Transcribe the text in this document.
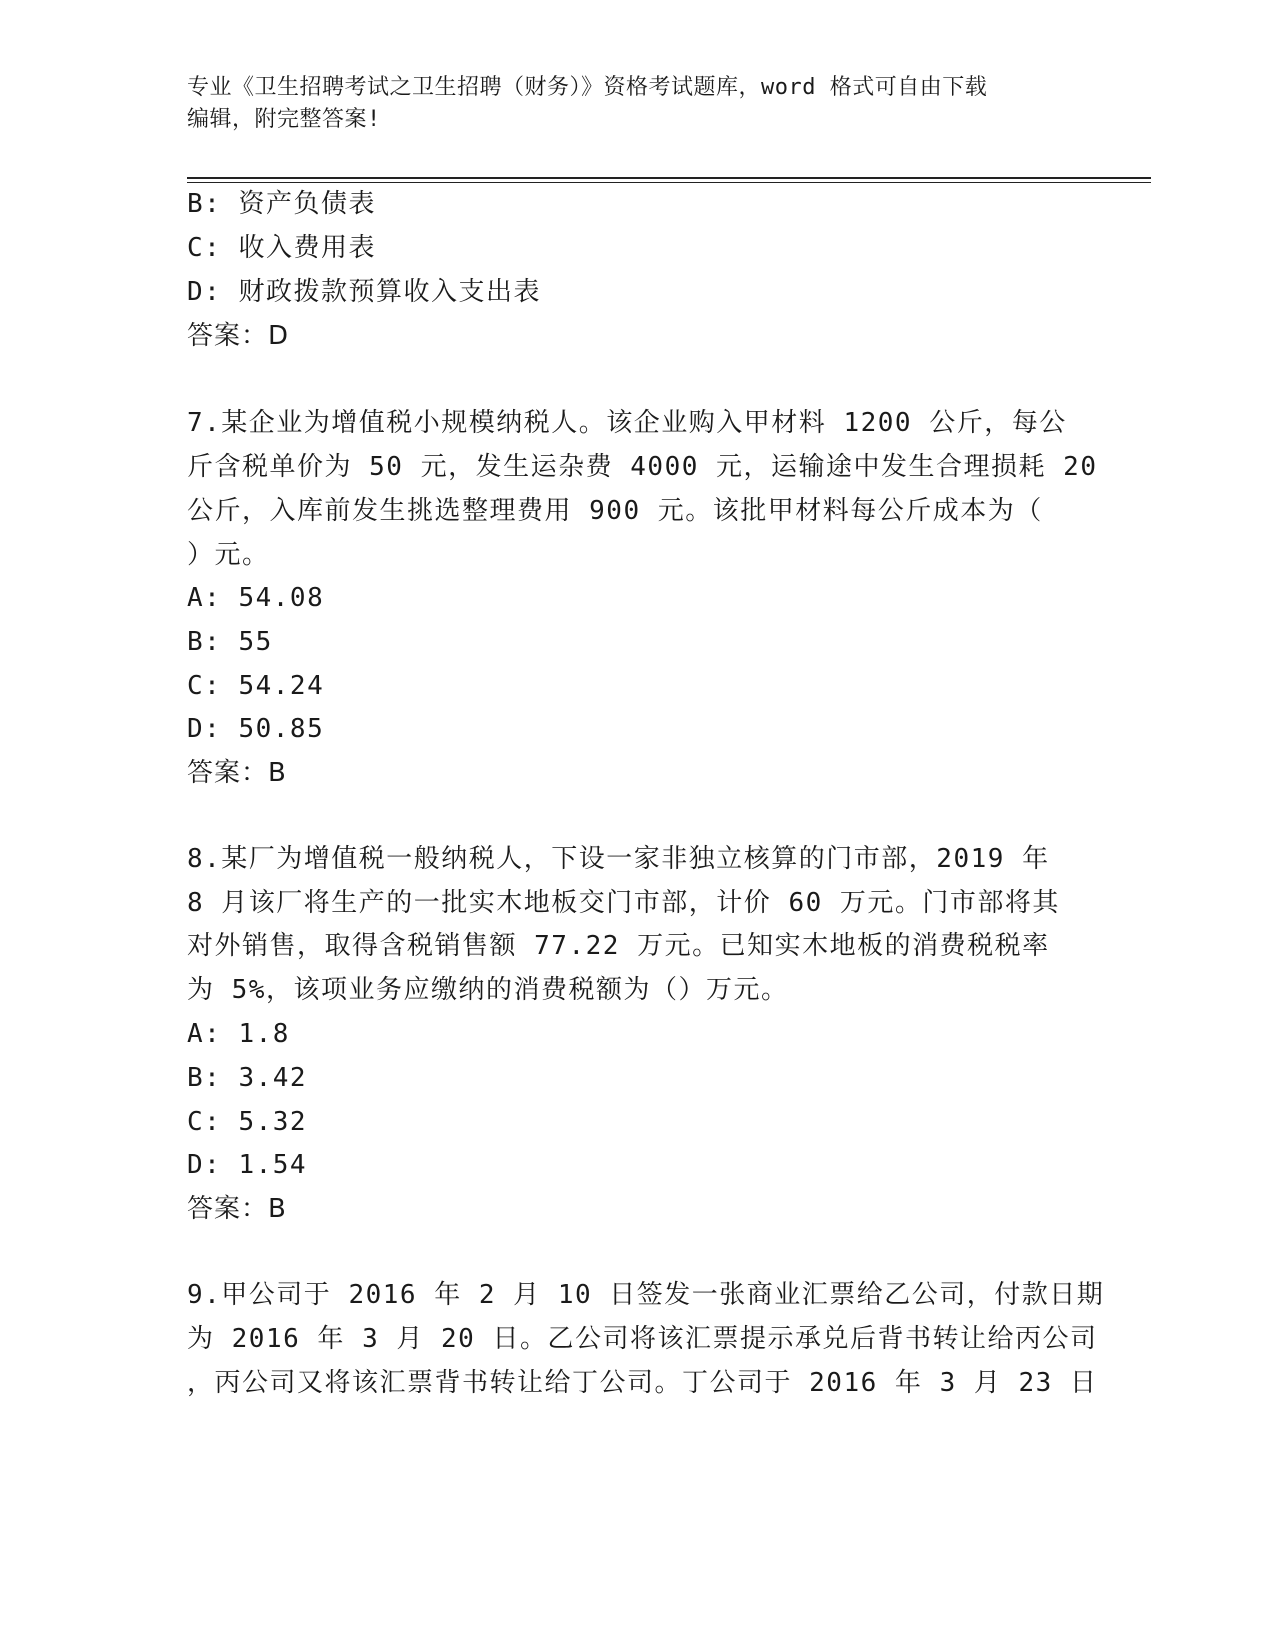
专业《卫生招聘考试之卫生招聘（财务）》资格考试题库，word 格式可自由下载
编辑，附完整答案!
B: 资产负债表
C: 收入费用表
D: 财政拨款预算收入支出表
答案：D
7.某企业为增值税小规模纳税人。该企业购入甲材料 1200 公斤，每公
斤含税单价为 50 元，发生运杂费 4000 元，运输途中发生合理损耗 20
公斤，入库前发生挑选整理费用 900 元。该批甲材料每公斤成本为（
）元。
A: 54.08
B: 55
C: 54.24
D: 50.85
答案：B
8.某厂为增值税一般纳税人，下设一家非独立核算的门市部，2019 年
8 月该厂将生产的一批实木地板交门市部，计价 60 万元。门市部将其
对外销售，取得含税销售额 77.22 万元。已知实木地板的消费税税率
为 5%，该项业务应缴纳的消费税额为（）万元。
A: 1.8
B: 3.42
C: 5.32
D: 1.54
答案：B
9.甲公司于 2016 年 2 月 10 日签发一张商业汇票给乙公司，付款日期
为 2016 年 3 月 20 日。乙公司将该汇票提示承兑后背书转让给丙公司
，丙公司又将该汇票背书转让给丁公司。丁公司于 2016 年 3 月 23 日
